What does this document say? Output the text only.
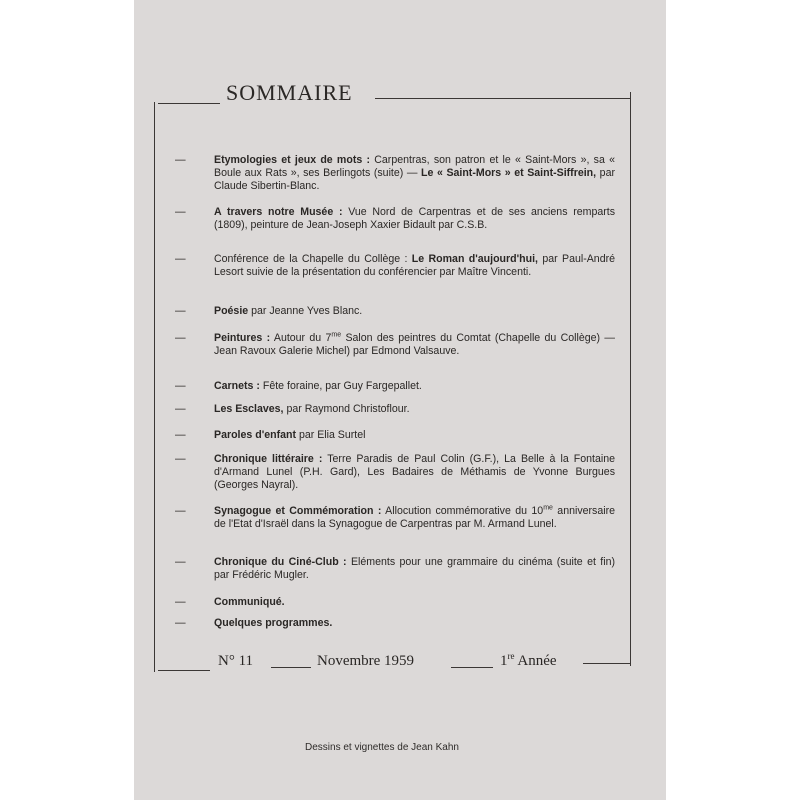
SOMMAIRE
—	Etymologies et jeux de mots : Carpentras, son patron et le « Saint-Mors », sa « Boule aux Rats », ses Berlingots (suite) — Le « Saint-Mors » et Saint-Siffrein, par Claude Sibertin-Blanc.
—	A travers notre Musée : Vue Nord de Carpentras et de ses anciens remparts (1809), peinture de Jean-Joseph Xaxier Bidault par C.S.B.
—	Conférence de la Chapelle du Collège : Le Roman d'aujourd'hui, par Paul-André Lesort suivie de la présentation du conférencier par Maître Vincenti.
—	Poésie par Jeanne Yves Blanc.
—	Peintures : Autour du $7^{me}$ Salon des peintres du Comtat (Chapelle du Collège) — Jean Ravoux Galerie Michel) par Edmond Valsauve.
—	Carnets : Fête foraine, par Guy Fargepallet.
—	Les Esclaves, par Raymond Christoflour.
—	Paroles d'enfant par Elia Surtel
—	Chronique littéraire : Terre Paradis de Paul Colin (G.F.), La Belle à la Fontaine d'Armand Lunel (P.H. Gard), Les Badaires de Méthamis de Yvonne Burgues (Georges Nayral).
—	Synagogue et Commémoration : Allocution commémorative du $10^{me}$ anniversaire de l'Etat d'Israël dans la Synagogue de Carpentras par M. Armand Lunel.
—	Chronique du Ciné-Club : Eléments pour une grammaire du cinéma (suite et fin) par Frédéric Mugler.
—	Communiqué.
—	Quelques programmes.
N° 11	Novembre 1959	1re Année
Dessins et vignettes de Jean Kahn
